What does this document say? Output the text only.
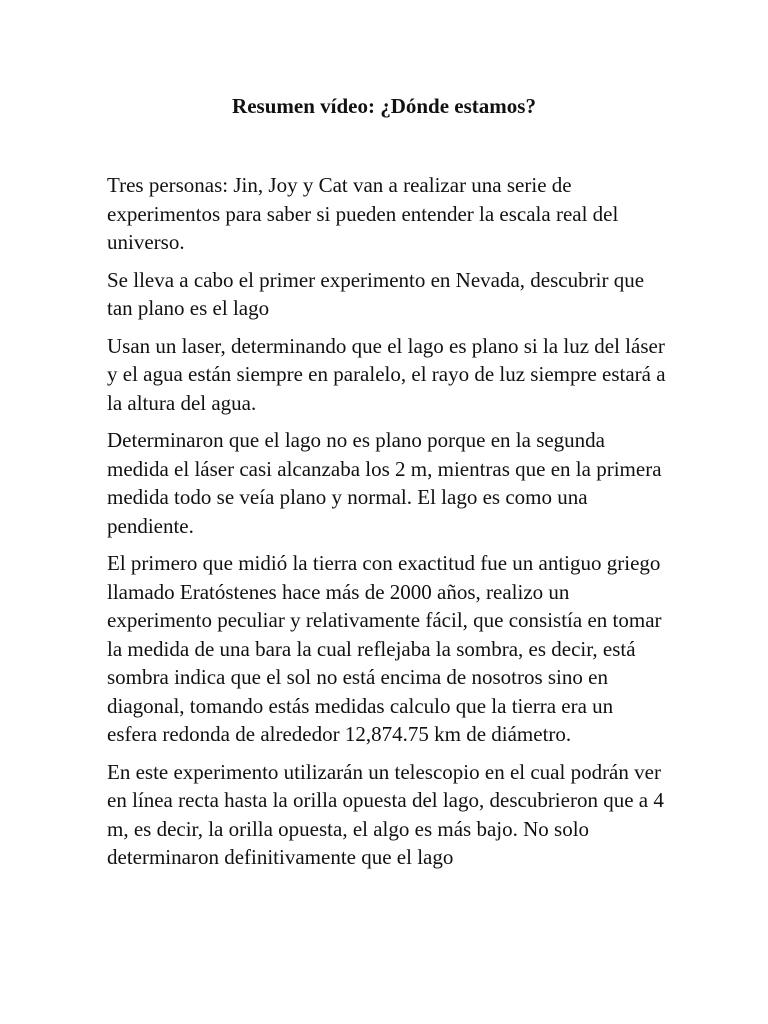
Resumen vídeo: ¿Dónde estamos?

Tres personas: Jin, Joy y Cat van a realizar una serie de experimentos para saber si pueden entender la escala real del universo.

Se lleva a cabo el primer experimento en Nevada, descubrir que tan plano es el lago

Usan un laser, determinando que el lago es plano si la luz del láser y el agua están siempre en paralelo, el rayo de luz siempre estará a la altura del agua.

Determinaron que el lago no es plano porque en la segunda medida el láser casi alcanzaba los 2 m, mientras que en la primera medida todo se veía plano y normal. El lago es como una pendiente.

El primero que midió la tierra con exactitud fue un antiguo griego llamado Eratóstenes hace más de 2000 años, realizo un experimento peculiar y relativamente fácil, que consistía en tomar la medida de una bara la cual reflejaba la sombra, es decir, está sombra indica que el sol no está encima de nosotros sino en diagonal, tomando estás medidas calculo que la tierra era un esfera redonda de alrededor 12,874.75 km de diámetro.

En este experimento utilizarán un telescopio en el cual podrán ver en línea recta hasta la orilla opuesta del lago, descubrieron que a 4 m, es decir, la orilla opuesta, el algo es más bajo. No solo determinaron definitivamente que el lago
